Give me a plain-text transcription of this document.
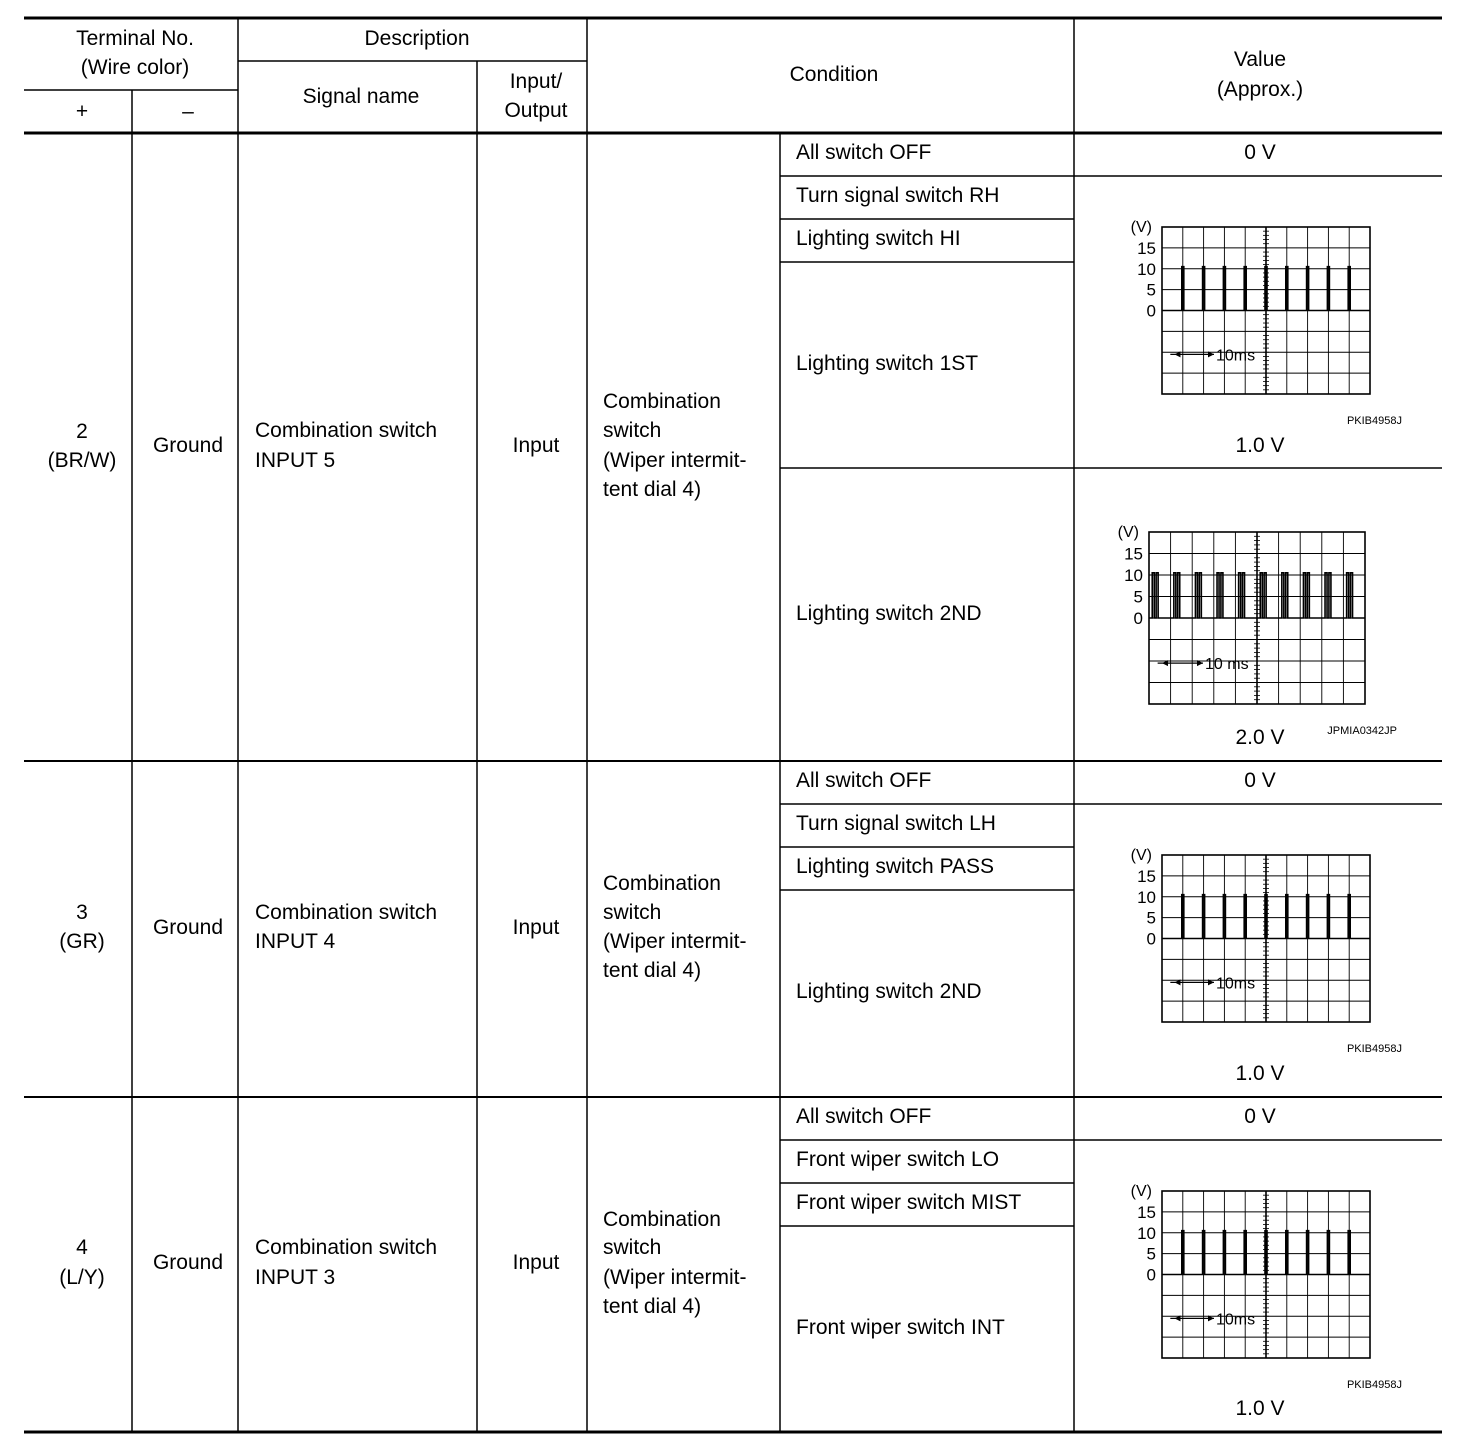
Terminal No.
(Wire color)
+	–
Description
Signal name
Input/
Output
Condition
Value
(Approx.)
2
(BR/W)
Ground
Combination switch
INPUT 5
Input
Combination
switch
(Wiper intermit-
tent dial 4)
All switch OFF
Turn signal switch RH
Lighting switch HI
Lighting switch 1ST
Lighting switch 2ND
0 V
15
10
5
0
(V)
10ms
PKIB4958J
1.0 V
15
10
5
0
(V)
10 ms
JPMIA0342JP
2.0 V
3
(GR)
Ground
Combination switch
INPUT 4
Input
Combination
switch
(Wiper intermit-
tent dial 4)
All switch OFF
Turn signal switch LH
Lighting switch PASS
Lighting switch 2ND
0 V
15
10
5
0
(V)
10ms
PKIB4958J
1.0 V
4
(L/Y)
Ground
Combination switch
INPUT 3
Input
Combination
switch
(Wiper intermit-
tent dial 4)
All switch OFF
Front wiper switch LO
Front wiper switch MIST
Front wiper switch INT
0 V
15
10
5
0
(V)
10ms
PKIB4958J
1.0 V
